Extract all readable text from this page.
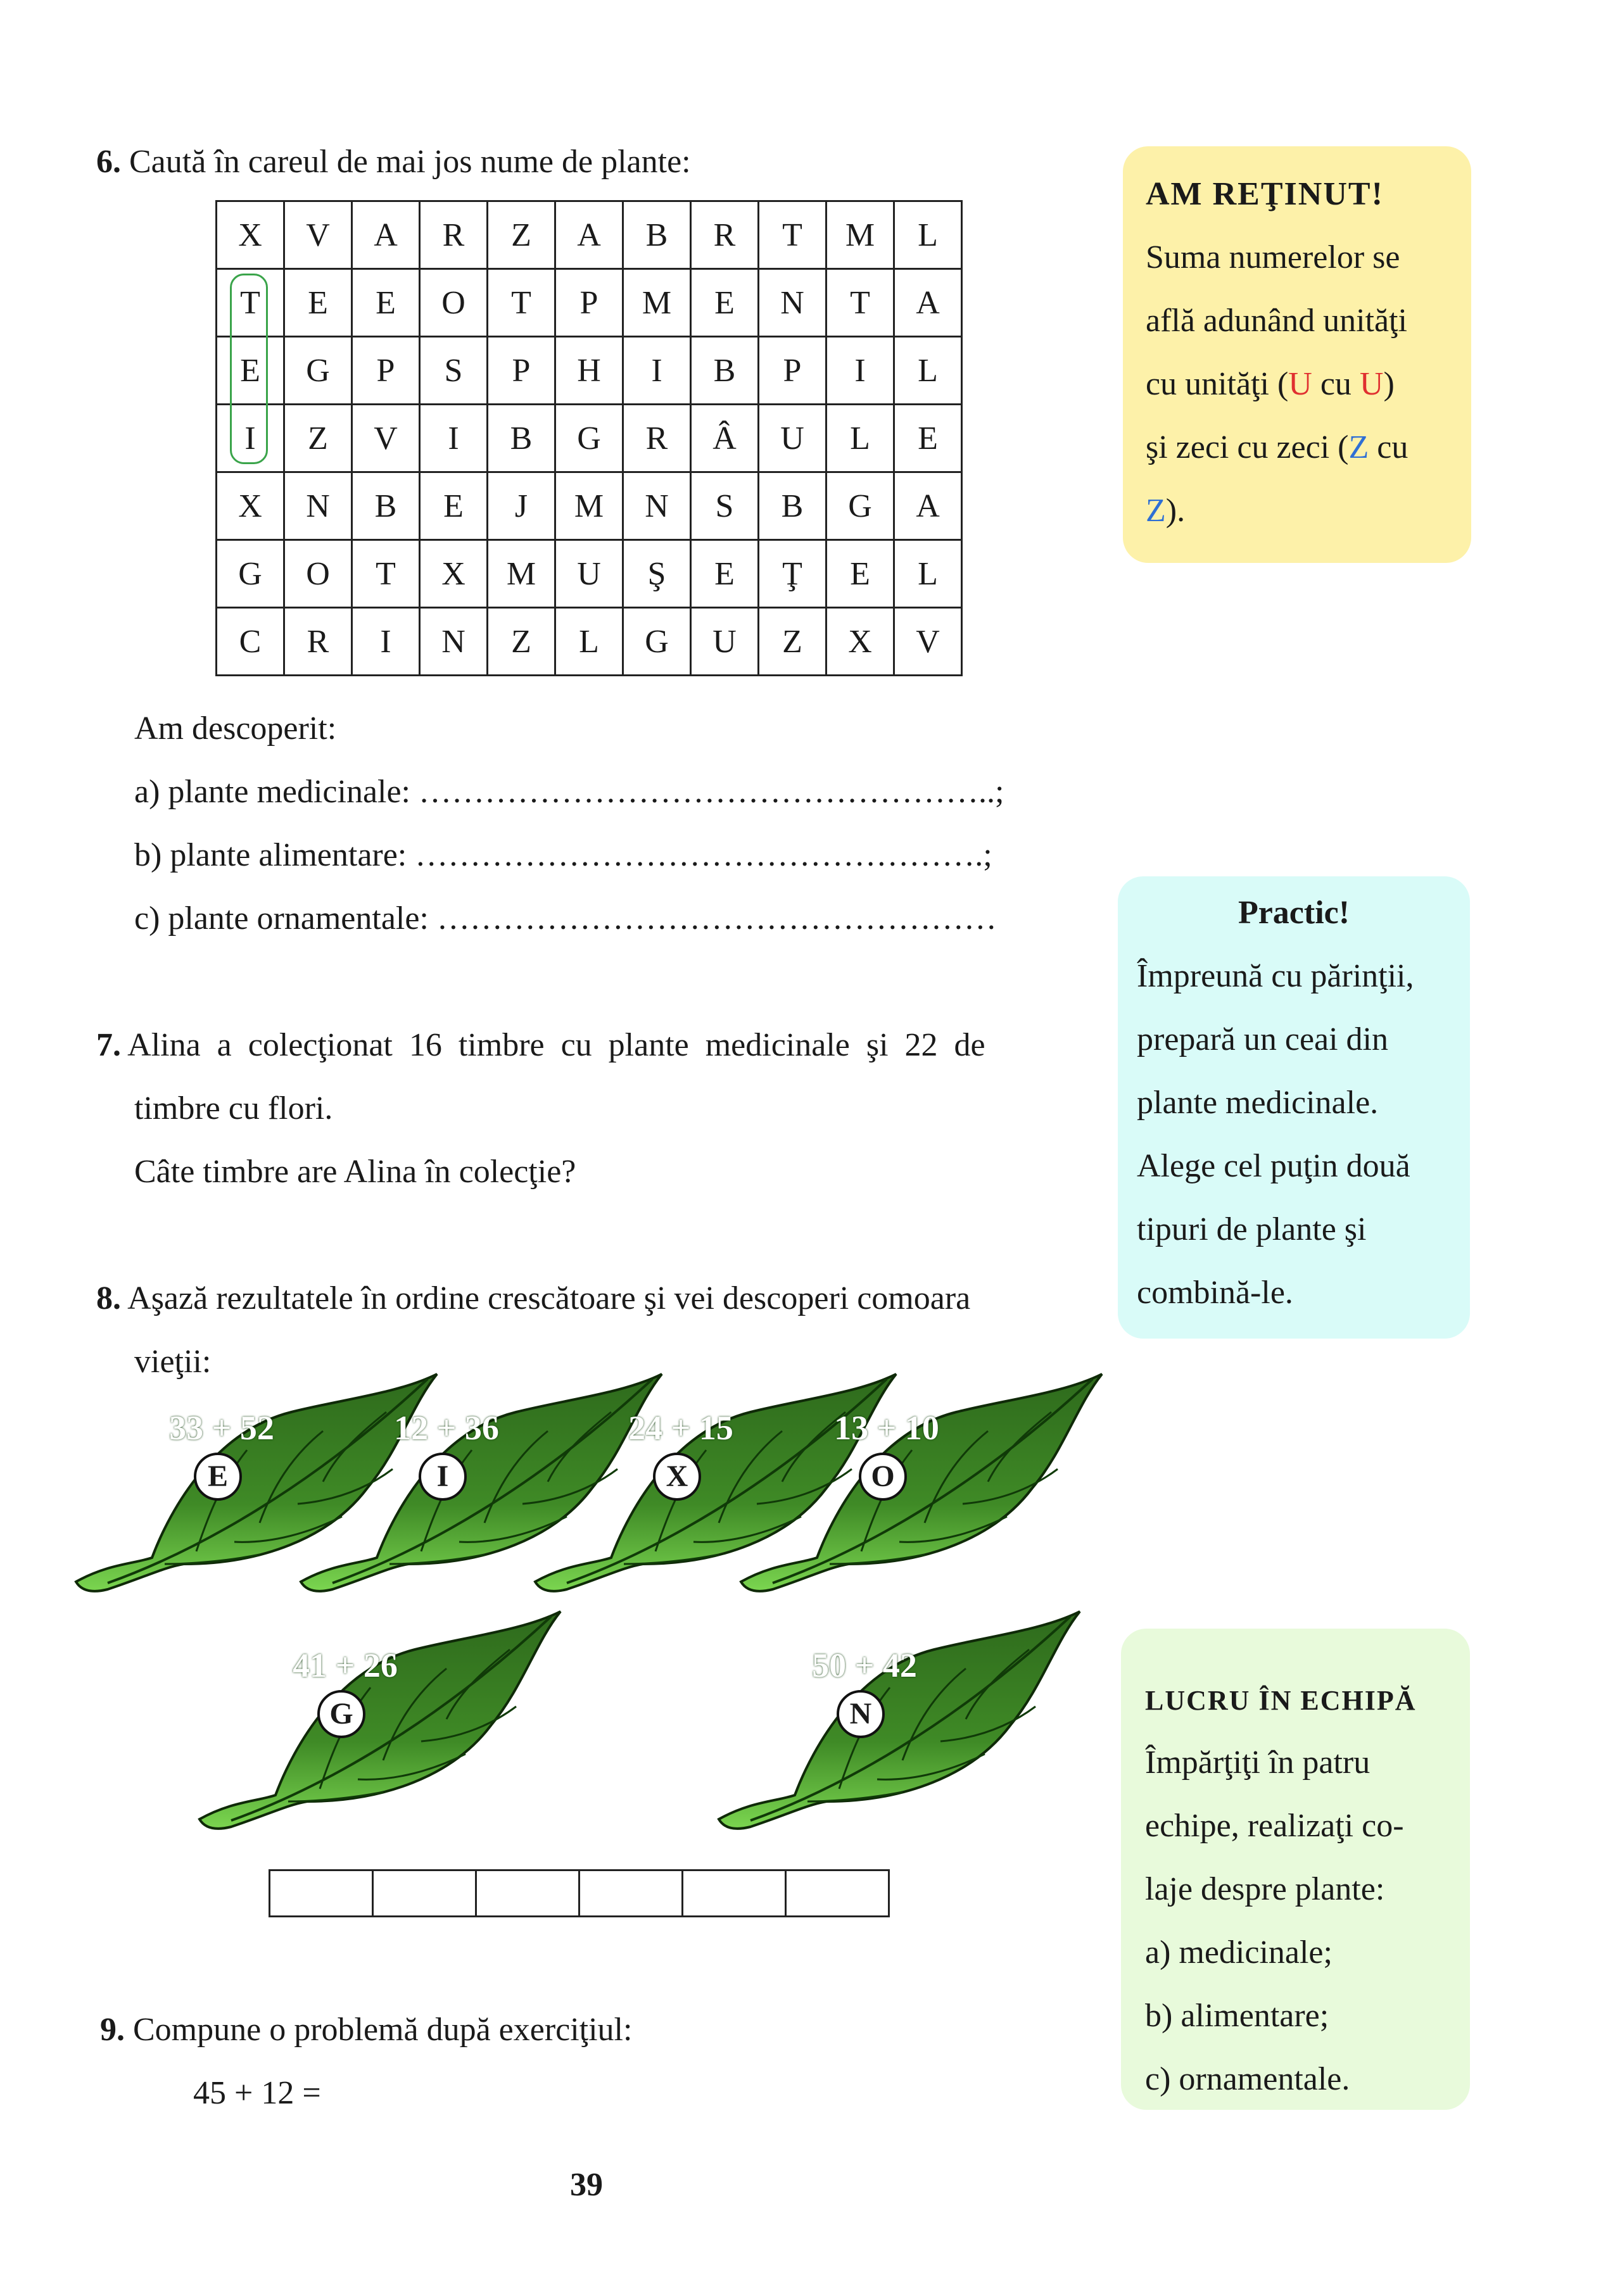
6. Caută în careul de mai jos nume de plante:
X	V	A	R	Z	A	B	R	T	M	L
T	E	E	O	T	P	M	E	N	T	A
E	G	P	S	P	H	I	B	P	I	L
I	Z	V	I	B	G	R	Â	U	L	E
X	N	B	E	J	M	N	S	B	G	A
G	O	T	X	M	U	Ş	E	Ţ	E	L
C	R	I	N	Z	L	G	U	Z	X	V
Am descoperit:
a) plante medicinale: ……………………………………………..;
b) plante alimentare: …………………………………………….;
c) plante ornamentale: ……………………………………………
7. Alina  a  colecţionat  16  timbre  cu  plante  medicinale  şi  22  de
timbre cu flori.
Câte timbre are Alina în colecţie?
8. Aşază rezultatele în ordine crescătoare şi vei descoperi comoara
vieţii:
33 + 52
E
12 + 36
I
24 + 15
X
13 + 10
O
41 + 26
G
50 + 42
N
9. Compune o problemă după exerciţiul:
45 + 12 =
39
AM REŢINUT!
Suma numerelor se
află adunând unităţi
cu unităţi (U cu U)
şi zeci cu zeci (Z cu
Z).
Practic!
Împreună cu părinţii,
prepară un ceai din
plante medicinale.
Alege cel puţin două
tipuri de plante şi
combină-le.
LUCRU ÎN ECHIPĂ
Împărţiţi în patru
echipe, realizaţi co-
laje despre plante:
a) medicinale;
b) alimentare;
c) ornamentale.
